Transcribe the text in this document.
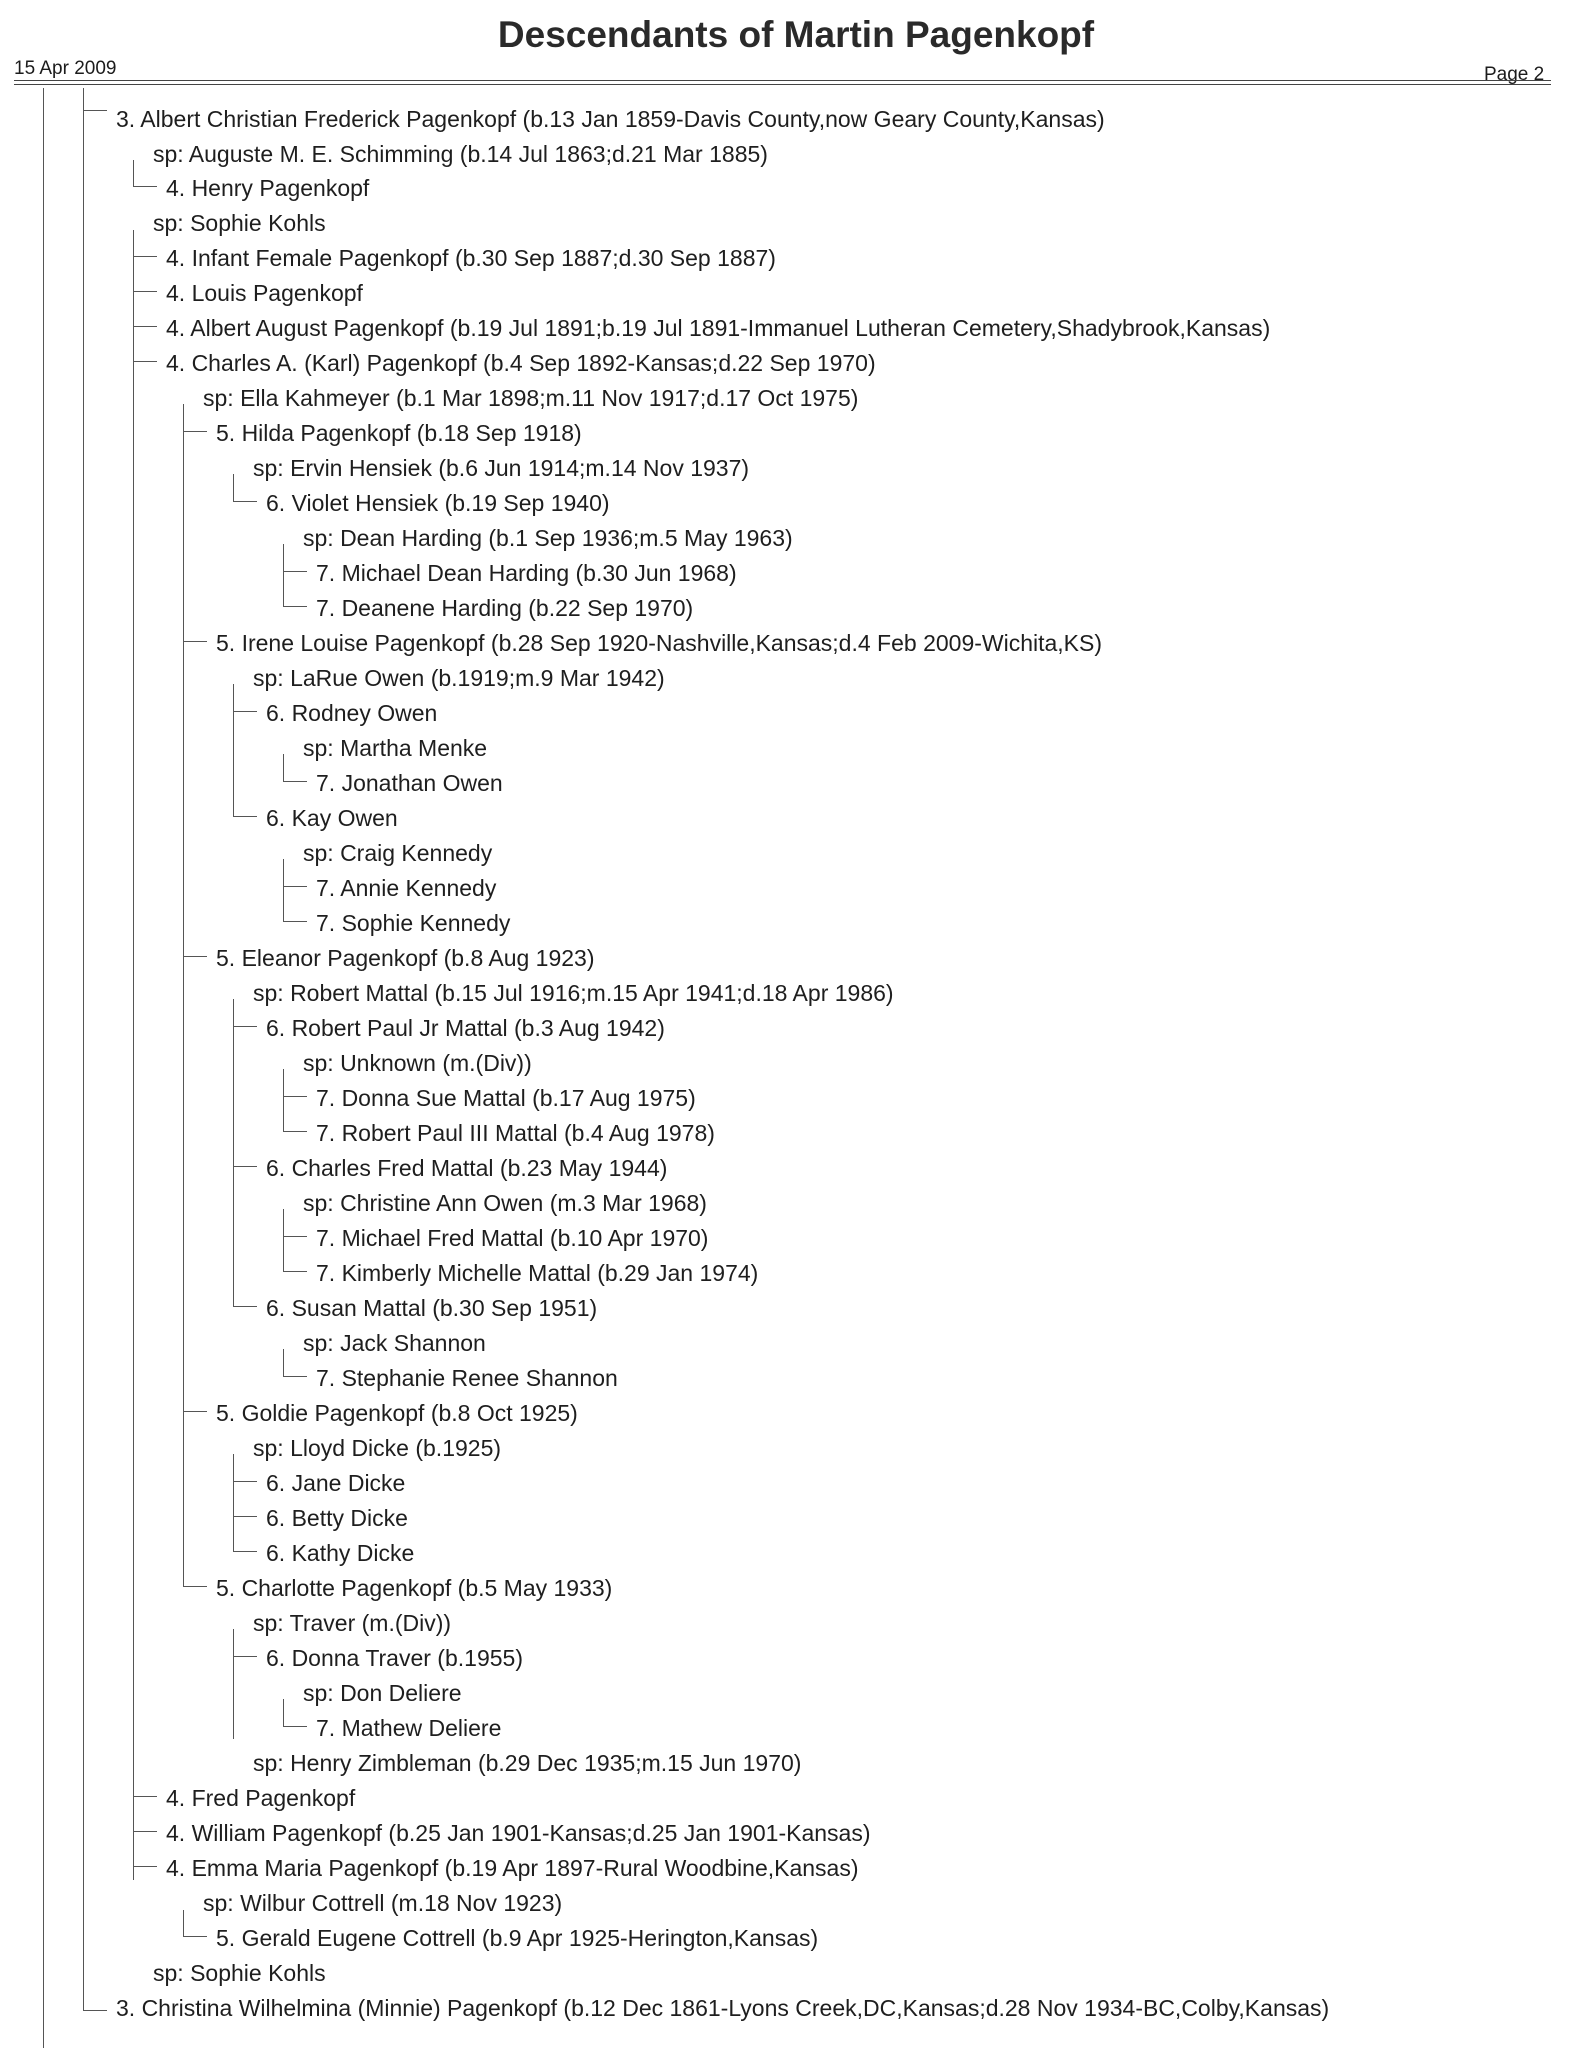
Descendants of Martin Pagenkopf
15 Apr 2009	Page 2
3. Albert Christian Frederick Pagenkopf (b.13 Jan 1859-Davis County,now Geary County,Kansas)
sp: Auguste M. E. Schimming (b.14 Jul 1863;d.21 Mar 1885)
4. Henry Pagenkopf
sp: Sophie Kohls
4. Infant Female Pagenkopf (b.30 Sep 1887;d.30 Sep 1887)
4. Louis Pagenkopf
4. Albert August Pagenkopf (b.19 Jul 1891;b.19 Jul 1891-Immanuel Lutheran Cemetery,Shadybrook,Kansas)
4. Charles A. (Karl) Pagenkopf (b.4 Sep 1892-Kansas;d.22 Sep 1970)
sp: Ella Kahmeyer (b.1 Mar 1898;m.11 Nov 1917;d.17 Oct 1975)
5. Hilda Pagenkopf (b.18 Sep 1918)
sp: Ervin Hensiek (b.6 Jun 1914;m.14 Nov 1937)
6. Violet Hensiek (b.19 Sep 1940)
sp: Dean Harding (b.1 Sep 1936;m.5 May 1963)
7. Michael Dean Harding (b.30 Jun 1968)
7. Deanene Harding (b.22 Sep 1970)
5. Irene Louise Pagenkopf (b.28 Sep 1920-Nashville,Kansas;d.4 Feb 2009-Wichita,KS)
sp: LaRue Owen (b.1919;m.9 Mar 1942)
6. Rodney Owen
sp: Martha Menke
7. Jonathan Owen
6. Kay Owen
sp: Craig Kennedy
7. Annie Kennedy
7. Sophie Kennedy
5. Eleanor Pagenkopf (b.8 Aug 1923)
sp: Robert Mattal (b.15 Jul 1916;m.15 Apr 1941;d.18 Apr 1986)
6. Robert Paul Jr Mattal (b.3 Aug 1942)
sp: Unknown (m.(Div))
7. Donna Sue Mattal (b.17 Aug 1975)
7. Robert Paul III Mattal (b.4 Aug 1978)
6. Charles Fred Mattal (b.23 May 1944)
sp: Christine Ann Owen (m.3 Mar 1968)
7. Michael Fred Mattal (b.10 Apr 1970)
7. Kimberly Michelle Mattal (b.29 Jan 1974)
6. Susan Mattal (b.30 Sep 1951)
sp: Jack Shannon
7. Stephanie Renee Shannon
5. Goldie Pagenkopf (b.8 Oct 1925)
sp: Lloyd Dicke (b.1925)
6. Jane Dicke
6. Betty Dicke
6. Kathy Dicke
5. Charlotte Pagenkopf (b.5 May 1933)
sp: Traver (m.(Div))
6. Donna Traver (b.1955)
sp: Don Deliere
7. Mathew Deliere
sp: Henry Zimbleman (b.29 Dec 1935;m.15 Jun 1970)
4. Fred Pagenkopf
4. William Pagenkopf (b.25 Jan 1901-Kansas;d.25 Jan 1901-Kansas)
4. Emma Maria Pagenkopf (b.19 Apr 1897-Rural Woodbine,Kansas)
sp: Wilbur Cottrell (m.18 Nov 1923)
5. Gerald Eugene Cottrell (b.9 Apr 1925-Herington,Kansas)
sp: Sophie Kohls
3. Christina Wilhelmina (Minnie) Pagenkopf (b.12 Dec 1861-Lyons Creek,DC,Kansas;d.28 Nov 1934-BC,Colby,Kansas)
